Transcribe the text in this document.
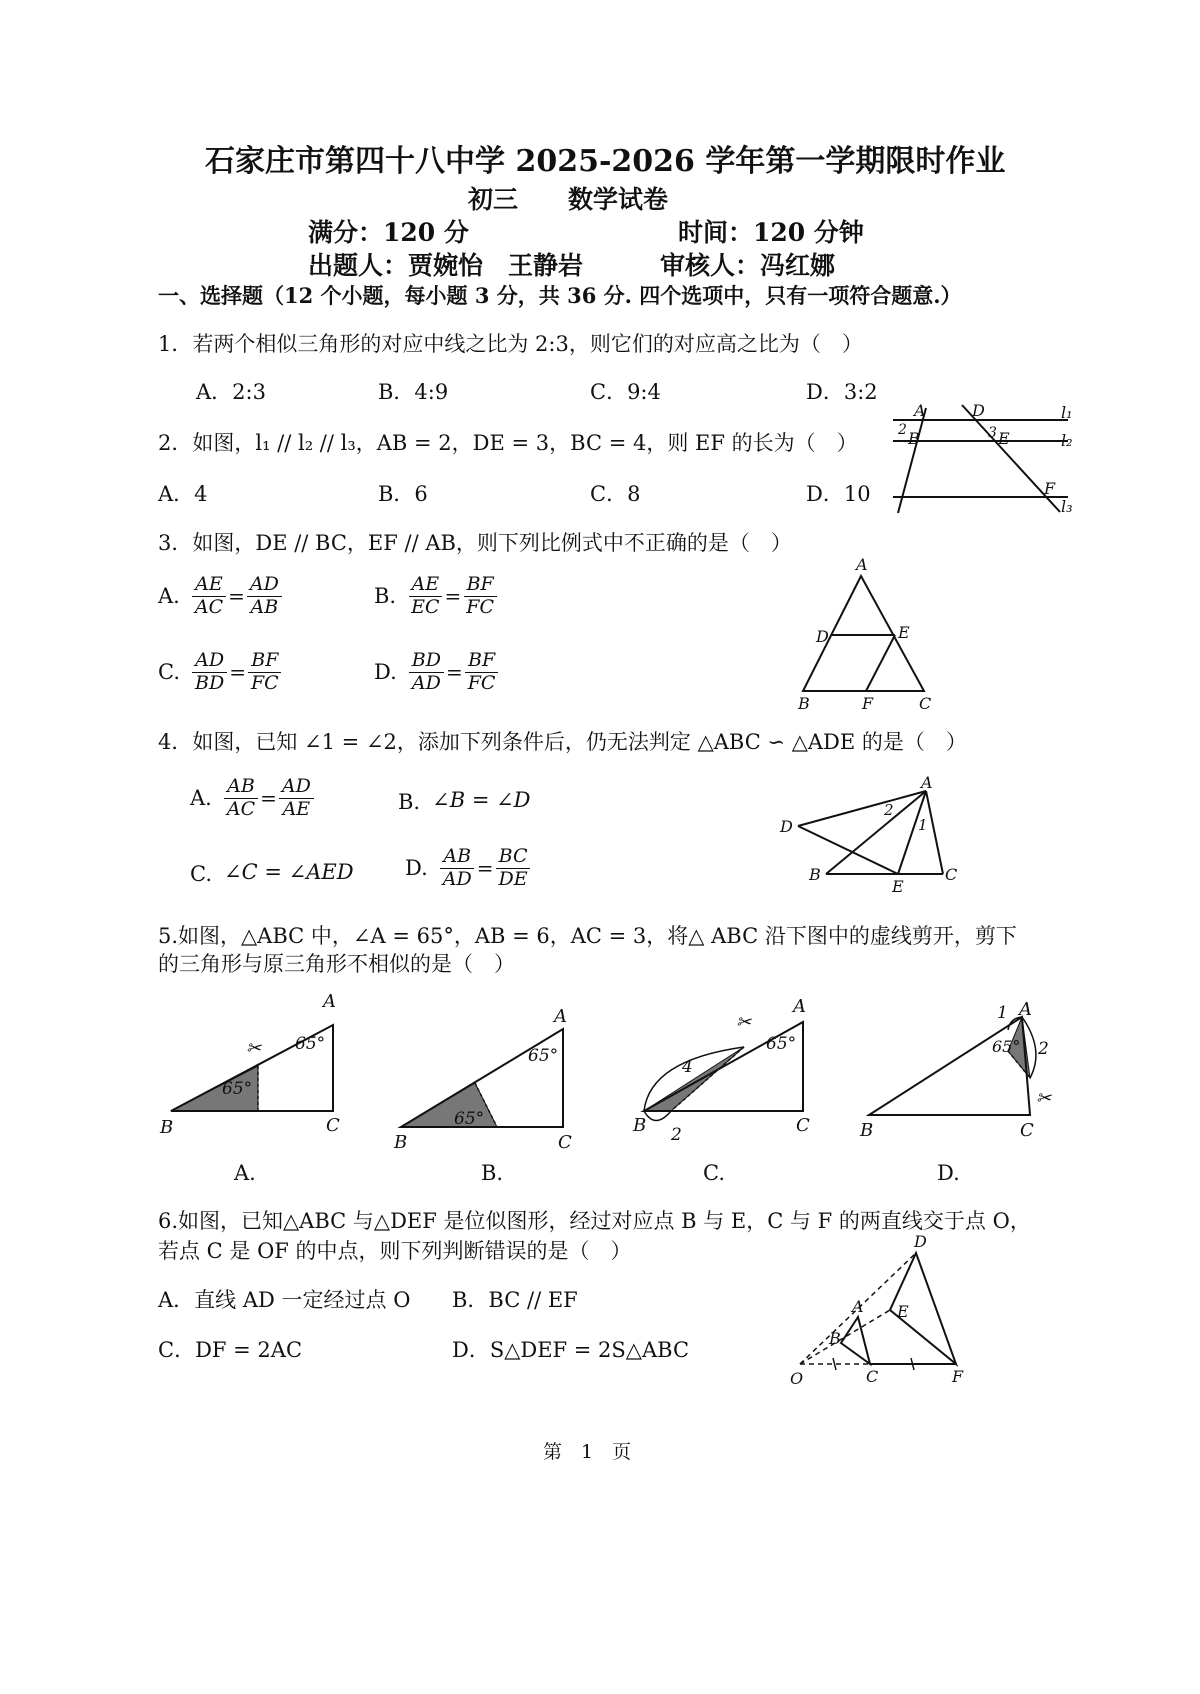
石家庄市第四十八中学 2025-2026 学年第一学期限时作业
初三　　数学试卷
满分：120 分	时间：120 分钟
出题人：贾婉怡　王静岩	审核人：冯红娜
一、选择题（12 个小题，每小题 3 分，共 36 分. 四个选项中，只有一项符合题意.）
1．若两个相似三角形的对应中线之比为 2:3，则它们的对应高之比为（　）
A．2:3	B．4:9	C．9:4	D．3:2
2．如图，l₁ // l₂ // l₃，AB = 2，DE = 3，BC = 4，则 EF 的长为（　）
A．4	B．6	C．8	D．10
A	D	l₁
2 B	3 E	l₂
F
l₃
3．如图，DE // BC，EF // AB，则下列比例式中不正确的是（　）
A. $\frac{AE}{AC} = \frac{AD}{AB}$	B. $\frac{AE}{EC} = \frac{BF}{FC}$
C. $\frac{AD}{BD} = \frac{BF}{FC}$	D. $\frac{BD}{AD} = \frac{BF}{FC}$
A
D	E
B	F	C
4．如图，已知 ∠1 = ∠2，添加下列条件后，仍无法判定 △ABC ∽ △ADE 的是（　）
A. $\frac{AB}{AC} = \frac{AD}{AE}$	B. ∠B = ∠D
C. ∠C = ∠AED D. $\frac{AB}{AD} = \frac{BC}{DE}$
A
D
2
1
B
E
C
5.如图，△ABC 中，∠A = 65°，AB = 6，AC = 3，将△ ABC 沿下图中的虚线剪开，剪下
的三角形与原三角形不相似的是（　）
✂
A
65°
65°
B	C
A
65°
65°
B	C
✂
A
65°
4
2
B	C
✂
A
1
2
65°
B	C
A.	B.	C.	D.
6.如图，已知△ABC 与△DEF 是位似图形，经过对应点 B 与 E，C 与 F 的两直线交于点 O，
若点 C 是 OF 的中点，则下列判断错误的是（　）
A．直线 AD 一定经过点 O B．BC // EF
C．DF = 2AC	D．S△DEF = 2S△ABC
D
A E
B
O	C	F
第　1　页
